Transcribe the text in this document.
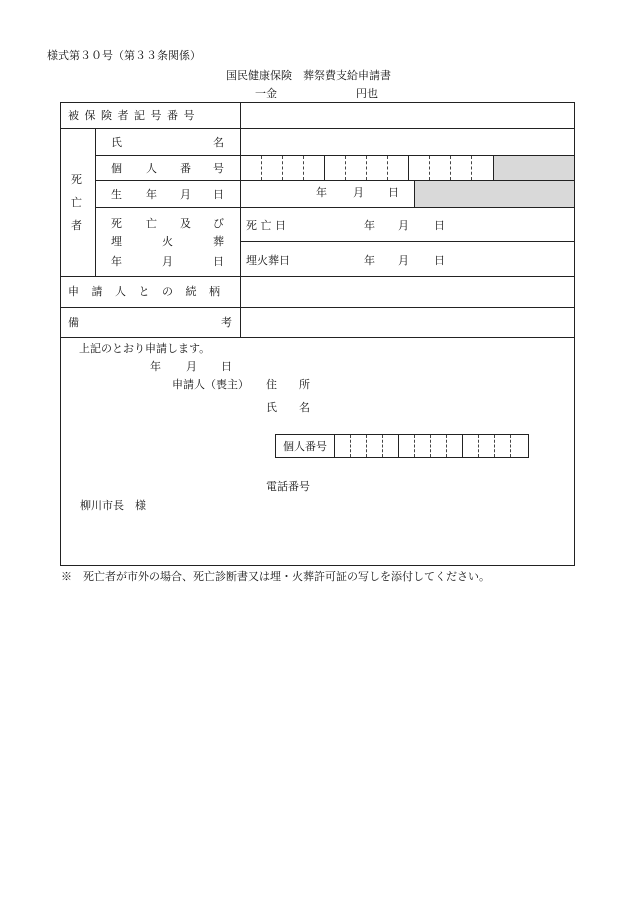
様式第３０号（第３３条関係）
国民健康保険　葬祭費支給申請書
一金	円也
被 保 険 者 記 号 番 号
死
亡
者
氏	名
個 人 番 号
生 年 月 日	年 月 日
死 亡 及 び
埋	火	葬
年	月	日
死 亡 日	年 月 日
埋火葬日	年 月 日
申 請 人 と の 続 柄
備	考
上記のとおり申請します。
年 月 日
申請人（喪主） 住　　所
氏　　名
個人番号
電話番号
柳川市長　様
※　死亡者が市外の場合、死亡診断書又は埋・火葬許可証の写しを添付してください。
